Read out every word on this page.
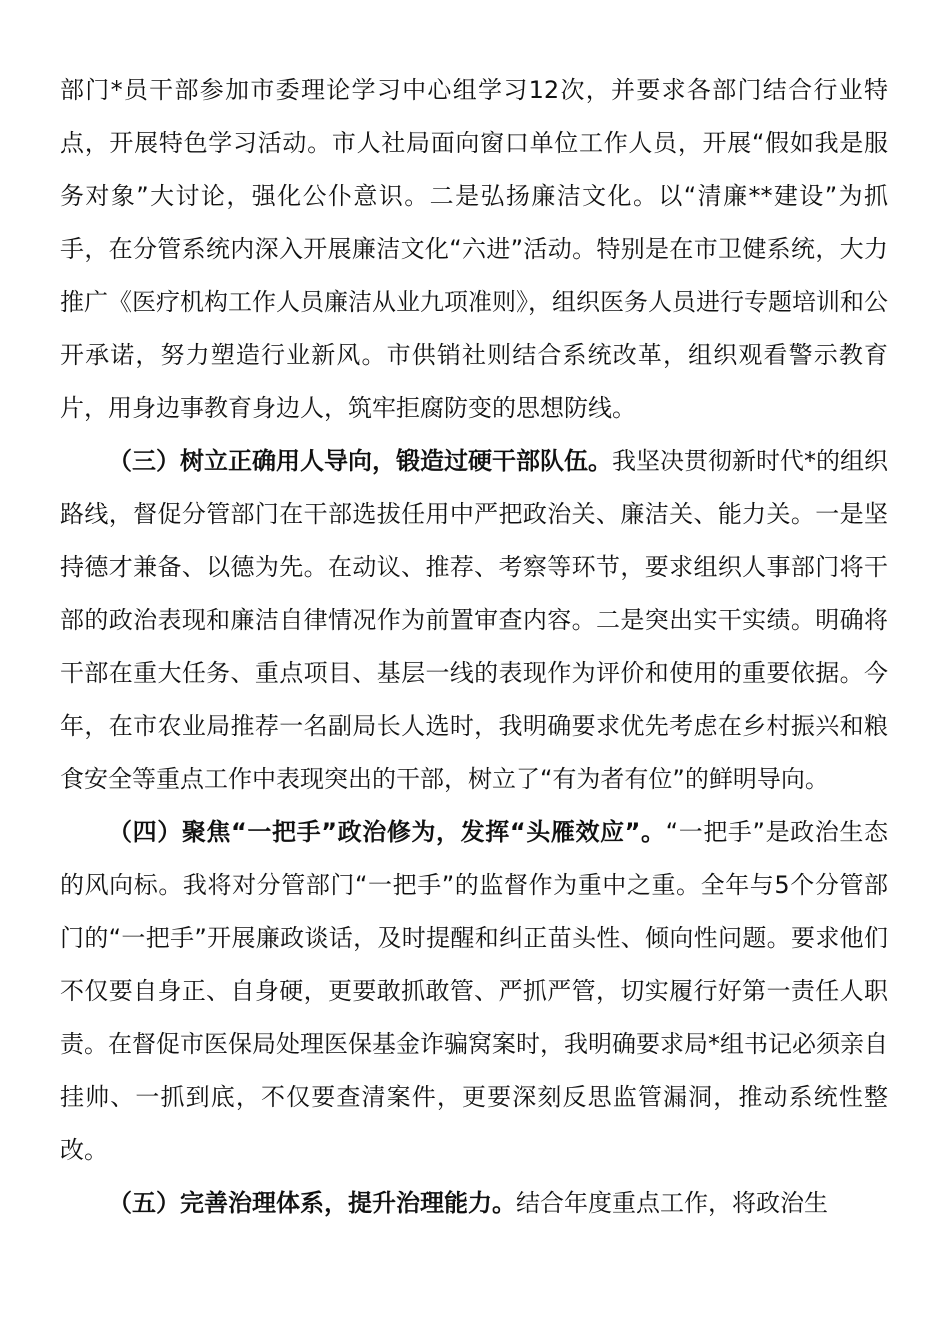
部门*员干部参加市委理论学习中心组学习12次，并要求各部门结合行业特点，开展特色学习活动。市人社局面向窗口单位工作人员，开展“假如我是服务对象”大讨论，强化公仆意识。二是弘扬廉洁文化。以“清廉**建设”为抓手，在分管系统内深入开展廉洁文化“六进”活动。特别是在市卫健系统，大力推广《医疗机构工作人员廉洁从业九项准则》，组织医务人员进行专题培训和公开承诺，努力塑造行业新风。市供销社则结合系统改革，组织观看警示教育片，用身边事教育身边人，筑牢拒腐防变的思想防线。

（三）树立正确用人导向，锻造过硬干部队伍。我坚决贯彻新时代*的组织路线，督促分管部门在干部选拔任用中严把政治关、廉洁关、能力关。一是坚持德才兼备、以德为先。在动议、推荐、考察等环节，要求组织人事部门将干部的政治表现和廉洁自律情况作为前置审查内容。二是突出实干实绩。明确将干部在重大任务、重点项目、基层一线的表现作为评价和使用的重要依据。今年，在市农业局推荐一名副局长人选时，我明确要求优先考虑在乡村振兴和粮食安全等重点工作中表现突出的干部，树立了“有为者有位”的鲜明导向。

（四）聚焦“一把手”政治修为，发挥“头雁效应”。“一把手”是政治生态的风向标。我将对分管部门“一把手”的监督作为重中之重。全年与5个分管部门的“一把手”开展廉政谈话，及时提醒和纠正苗头性、倾向性问题。要求他们不仅要自身正、自身硬，更要敢抓敢管、严抓严管，切实履行好第一责任人职责。在督促市医保局处理医保基金诈骗窝案时，我明确要求局*组书记必须亲自挂帅、一抓到底，不仅要查清案件，更要深刻反思监管漏洞，推动系统性整改。

（五）完善治理体系，提升治理能力。结合年度重点工作，将政治生
